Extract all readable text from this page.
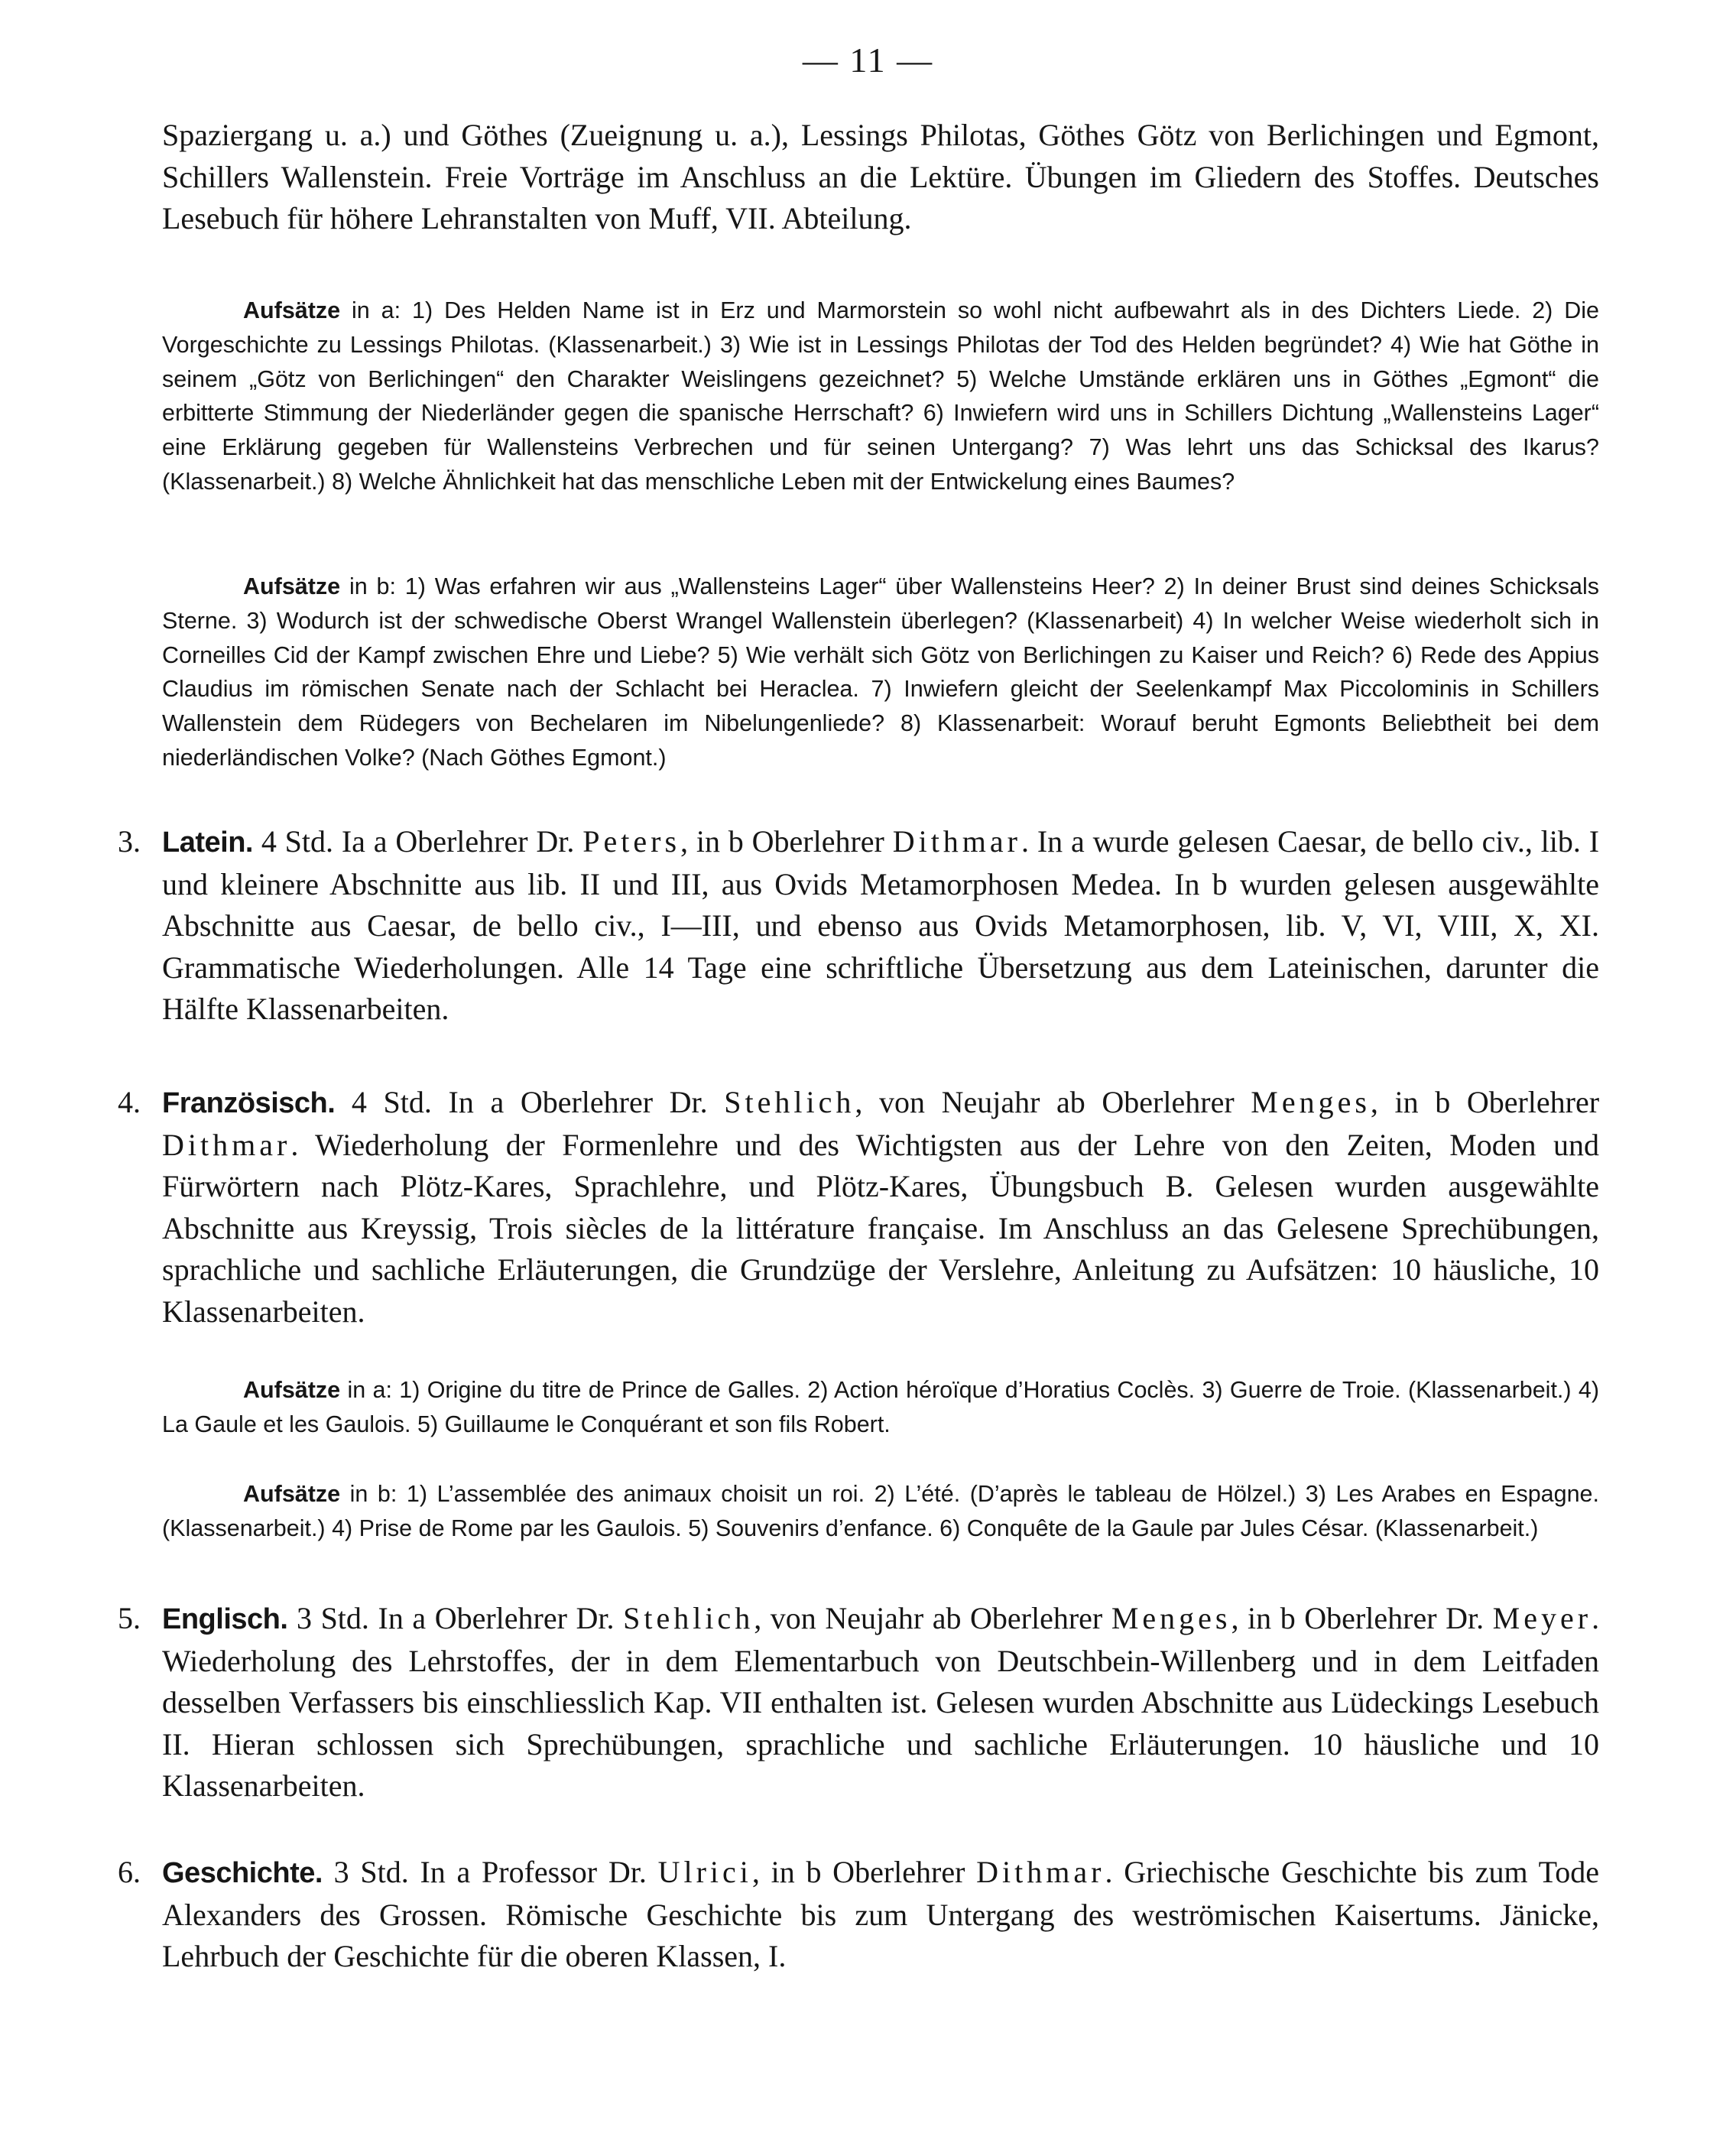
— 11 —
Spaziergang u. a.) und Göthes (Zueignung u. a.), Lessings Philotas, Göthes Götz von Berlichingen und Egmont, Schillers Wallenstein. Freie Vorträge im Anschluss an die Lektüre. Übungen im Gliedern des Stoffes. Deutsches Lesebuch für höhere Lehranstalten von Muff, VII. Abteilung.
Aufsätze in a: 1) Des Helden Name ist in Erz und Marmorstein so wohl nicht aufbewahrt als in des Dichters Liede. 2) Die Vorgeschichte zu Lessings Philotas. (Klassenarbeit.) 3) Wie ist in Lessings Philotas der Tod des Helden begründet? 4) Wie hat Göthe in seinem „Götz von Berlichingen“ den Charakter Weislingens gezeichnet? 5) Welche Umstände erklären uns in Göthes „Egmont“ die erbitterte Stimmung der Niederländer gegen die spanische Herrschaft? 6) Inwiefern wird uns in Schillers Dichtung „Wallensteins Lager“ eine Erklärung gegeben für Wallensteins Verbrechen und für seinen Untergang? 7) Was lehrt uns das Schicksal des Ikarus? (Klassenarbeit.) 8) Welche Ähnlichkeit hat das menschliche Leben mit der Entwickelung eines Baumes?
Aufsätze in b: 1) Was erfahren wir aus „Wallensteins Lager“ über Wallensteins Heer? 2) In deiner Brust sind deines Schicksals Sterne. 3) Wodurch ist der schwedische Oberst Wrangel Wallenstein überlegen? (Klassenarbeit) 4) In welcher Weise wiederholt sich in Corneilles Cid der Kampf zwischen Ehre und Liebe? 5) Wie verhält sich Götz von Berlichingen zu Kaiser und Reich? 6) Rede des Appius Claudius im römischen Senate nach der Schlacht bei Heraclea. 7) Inwiefern gleicht der Seelenkampf Max Piccolominis in Schillers Wallenstein dem Rüdegers von Bechelaren im Nibelungenliede? 8) Klassenarbeit: Worauf beruht Egmonts Beliebtheit bei dem niederländischen Volke? (Nach Göthes Egmont.)
3. Latein. 4 Std. Ia a Oberlehrer Dr. Peters, in b Oberlehrer Dithmar. In a wurde gelesen Caesar, de bello civ., lib. I und kleinere Abschnitte aus lib. II und III, aus Ovids Metamorphosen Medea. In b wurden gelesen ausgewählte Abschnitte aus Caesar, de bello civ., I—III, und ebenso aus Ovids Metamorphosen, lib. V, VI, VIII, X, XI. Grammatische Wiederholungen. Alle 14 Tage eine schriftliche Übersetzung aus dem Lateinischen, darunter die Hälfte Klassenarbeiten.
4. Französisch. 4 Std. In a Oberlehrer Dr. Stehlich, von Neujahr ab Oberlehrer Menges, in b Oberlehrer Dithmar. Wiederholung der Formenlehre und des Wichtigsten aus der Lehre von den Zeiten, Moden und Fürwörtern nach Plötz-Kares, Sprachlehre, und Plötz-Kares, Übungsbuch B. Gelesen wurden ausgewählte Abschnitte aus Kreyssig, Trois siècles de la littérature française. Im Anschluss an das Gelesene Sprechübungen, sprachliche und sachliche Erläuterungen, die Grundzüge der Verslehre, Anleitung zu Aufsätzen: 10 häusliche, 10 Klassenarbeiten.
Aufsätze in a: 1) Origine du titre de Prince de Galles. 2) Action héroïque d’Horatius Coclès. 3) Guerre de Troie. (Klassenarbeit.) 4) La Gaule et les Gaulois. 5) Guillaume le Conquérant et son fils Robert.
Aufsätze in b: 1) L’assemblée des animaux choisit un roi. 2) L’été. (D’après le tableau de Hölzel.) 3) Les Arabes en Espagne. (Klassenarbeit.) 4) Prise de Rome par les Gaulois. 5) Souvenirs d’enfance. 6) Conquête de la Gaule par Jules César. (Klassenarbeit.)
5. Englisch. 3 Std. In a Oberlehrer Dr. Stehlich, von Neujahr ab Oberlehrer Menges, in b Oberlehrer Dr. Meyer. Wiederholung des Lehrstoffes, der in dem Elementarbuch von Deutschbein-Willenberg und in dem Leitfaden desselben Verfassers bis einschliesslich Kap. VII enthalten ist. Gelesen wurden Abschnitte aus Lüdeckings Lesebuch II. Hieran schlossen sich Sprechübungen, sprachliche und sachliche Erläuterungen. 10 häusliche und 10 Klassenarbeiten.
6. Geschichte. 3 Std. In a Professor Dr. Ulrici, in b Oberlehrer Dithmar. Griechische Geschichte bis zum Tode Alexanders des Grossen. Römische Geschichte bis zum Untergang des weströmischen Kaisertums. Jänicke, Lehrbuch der Geschichte für die oberen Klassen, I.
